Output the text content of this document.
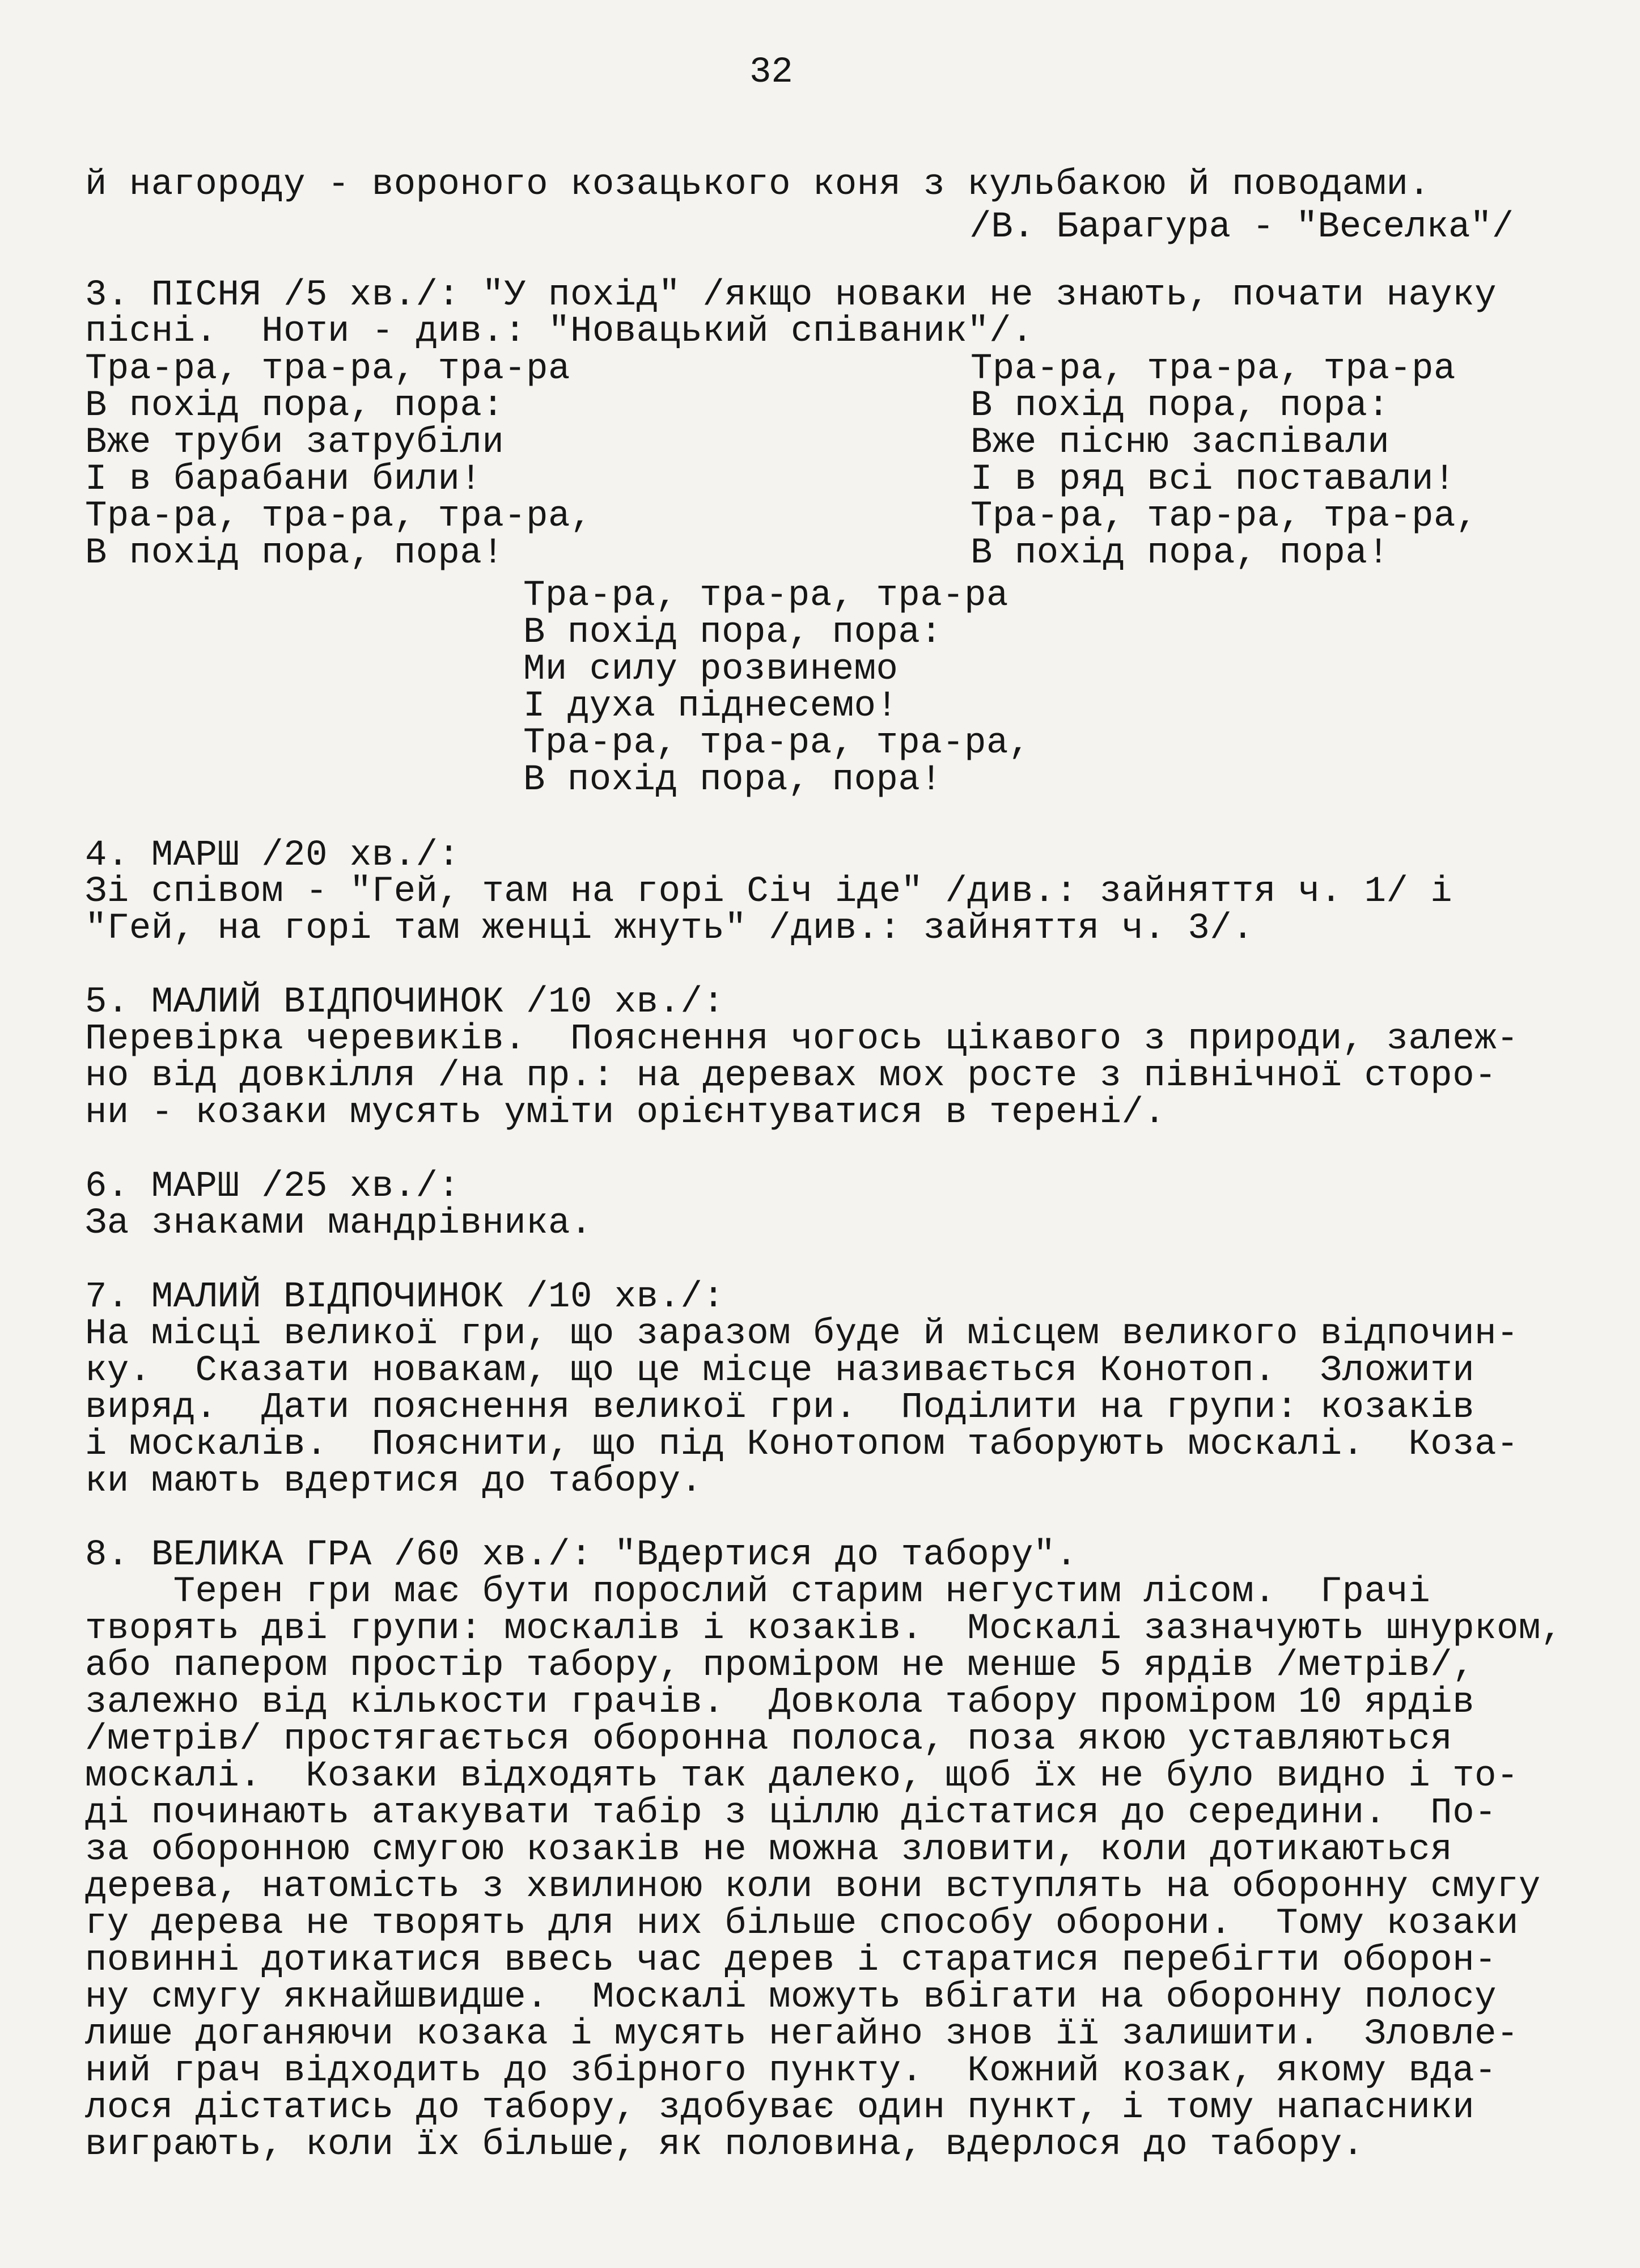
32
й нагороду - вороного козацького коня з кульбакою й поводами.
/В. Барагура - "Веселка"/
3. ПІСНЯ /5 хв./: "У похід" /якщо новаки не знають, почати науку
пісні.  Ноти - див.: "Новацький співаник"/.
Тра-ра, тра-ра, тра-ра
В похід пора, пора:
Вже труби затрубіли
І в барабани били!
Тра-ра, тра-ра, тра-ра,
В похід пора, пора!
Тра-ра, тра-ра, тра-ра
В похід пора, пора:
Вже пісню заспівали
І в ряд всі поставали!
Тра-ра, тар-ра, тра-ра,
В похід пора, пора!
Тра-ра, тра-ра, тра-ра
В похід пора, пора:
Ми силу розвинемо
І духа піднесемо!
Тра-ра, тра-ра, тра-ра,
В похід пора, пора!
4. МАРШ /20 хв./:
Зі співом - "Гей, там на горі Січ іде" /див.: зайняття ч. 1/ і
"Гей, на горі там женці жнуть" /див.: зайняття ч. 3/.
5. МАЛИЙ ВІДПОЧИНОК /10 хв./:
Перевірка черевиків.  Пояснення чогось цікавого з природи, залеж-
но від довкілля /на пр.: на деревах мох росте з північної сторо-
ни - козаки мусять уміти орієнтуватися в терені/.
6. МАРШ /25 хв./:
За знаками мандрівника.
7. МАЛИЙ ВІДПОЧИНОК /10 хв./:
На місці великої гри, що заразом буде й місцем великого відпочин-
ку.  Сказати новакам, що це місце називається Конотоп.  Зложити
виряд.  Дати пояснення великої гри.  Поділити на групи: козаків
і москалів.  Пояснити, що під Конотопом таборують москалі.  Коза-
ки мають вдертися до табору.
8. ВЕЛИКА ГРА /60 хв./: "Вдертися до табору".
Терен гри має бути порослий старим негустим лісом.  Грачі
творять дві групи: москалів і козаків.  Москалі зазначують шнурком,
або папером простір табору, проміром не менше 5 ярдів /метрів/,
залежно від кількости грачів.  Довкола табору проміром 10 ярдів
/метрів/ простягається оборонна полоса, поза якою уставляються
москалі.  Козаки відходять так далеко, щоб їх не було видно і то-
ді починають атакувати табір з ціллю дістатися до середини.  По-
за оборонною смугою козаків не можна зловити, коли дотикаються
дерева, натомість з хвилиною коли вони вступлять на оборонну смугу
гу дерева не творять для них більше способу оборони.  Тому козаки
повинні дотикатися ввесь час дерев і старатися перебігти оборон-
ну смугу якнайшвидше.  Москалі можуть вбігати на оборонну полосу
лише доганяючи козака і мусять негайно знов її залишити.  Зловле-
ний грач відходить до збірного пункту.  Кожний козак, якому вда-
лося дістатись до табору, здобуває один пункт, і тому напасники
виграють, коли їх більше, як половина, вдерлося до табору.
